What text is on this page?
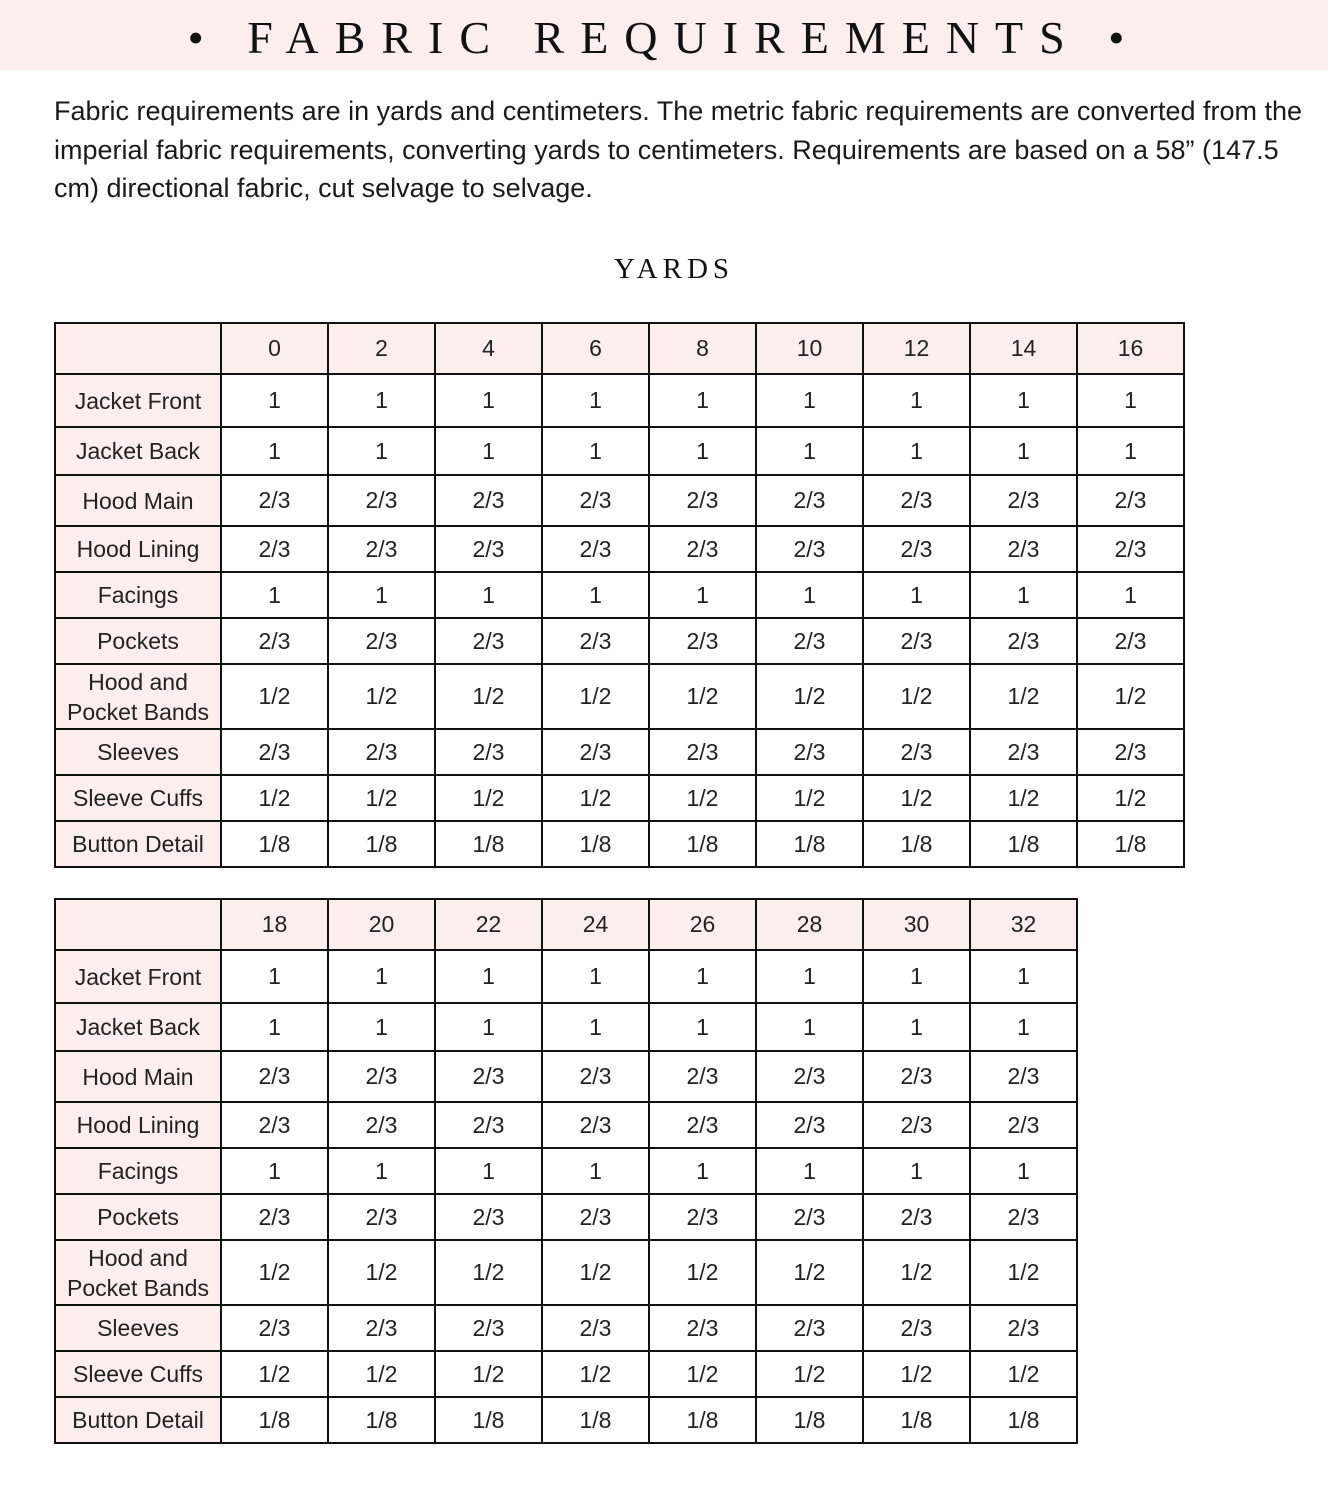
• FABRIC REQUIREMENTS •

Fabric requirements are in yards and centimeters. The metric fabric requirements are converted from the imperial fabric requirements, converting yards to centimeters. Requirements are based on a 58” (147.5 cm) directional fabric, cut selvage to selvage.

YARDS
	0	2	4	6	8	10	12	14	16
Jacket Front	1	1	1	1	1	1	1	1	1
Jacket Back	1	1	1	1	1	1	1	1	1
Hood Main	2/3	2/3	2/3	2/3	2/3	2/3	2/3	2/3	2/3
Hood Lining	2/3	2/3	2/3	2/3	2/3	2/3	2/3	2/3	2/3
Facings	1	1	1	1	1	1	1	1	1
Pockets	2/3	2/3	2/3	2/3	2/3	2/3	2/3	2/3	2/3
Hood and Pocket Bands	1/2	1/2	1/2	1/2	1/2	1/2	1/2	1/2	1/2
Sleeves	2/3	2/3	2/3	2/3	2/3	2/3	2/3	2/3	2/3
Sleeve Cuffs	1/2	1/2	1/2	1/2	1/2	1/2	1/2	1/2	1/2
Button Detail	1/8	1/8	1/8	1/8	1/8	1/8	1/8	1/8	1/8
	18	20	22	24	26	28	30	32
Jacket Front	1	1	1	1	1	1	1	1
Jacket Back	1	1	1	1	1	1	1	1
Hood Main	2/3	2/3	2/3	2/3	2/3	2/3	2/3	2/3
Hood Lining	2/3	2/3	2/3	2/3	2/3	2/3	2/3	2/3
Facings	1	1	1	1	1	1	1	1
Pockets	2/3	2/3	2/3	2/3	2/3	2/3	2/3	2/3
Hood and Pocket Bands	1/2	1/2	1/2	1/2	1/2	1/2	1/2	1/2
Sleeves	2/3	2/3	2/3	2/3	2/3	2/3	2/3	2/3
Sleeve Cuffs	1/2	1/2	1/2	1/2	1/2	1/2	1/2	1/2
Button Detail	1/8	1/8	1/8	1/8	1/8	1/8	1/8	1/8
